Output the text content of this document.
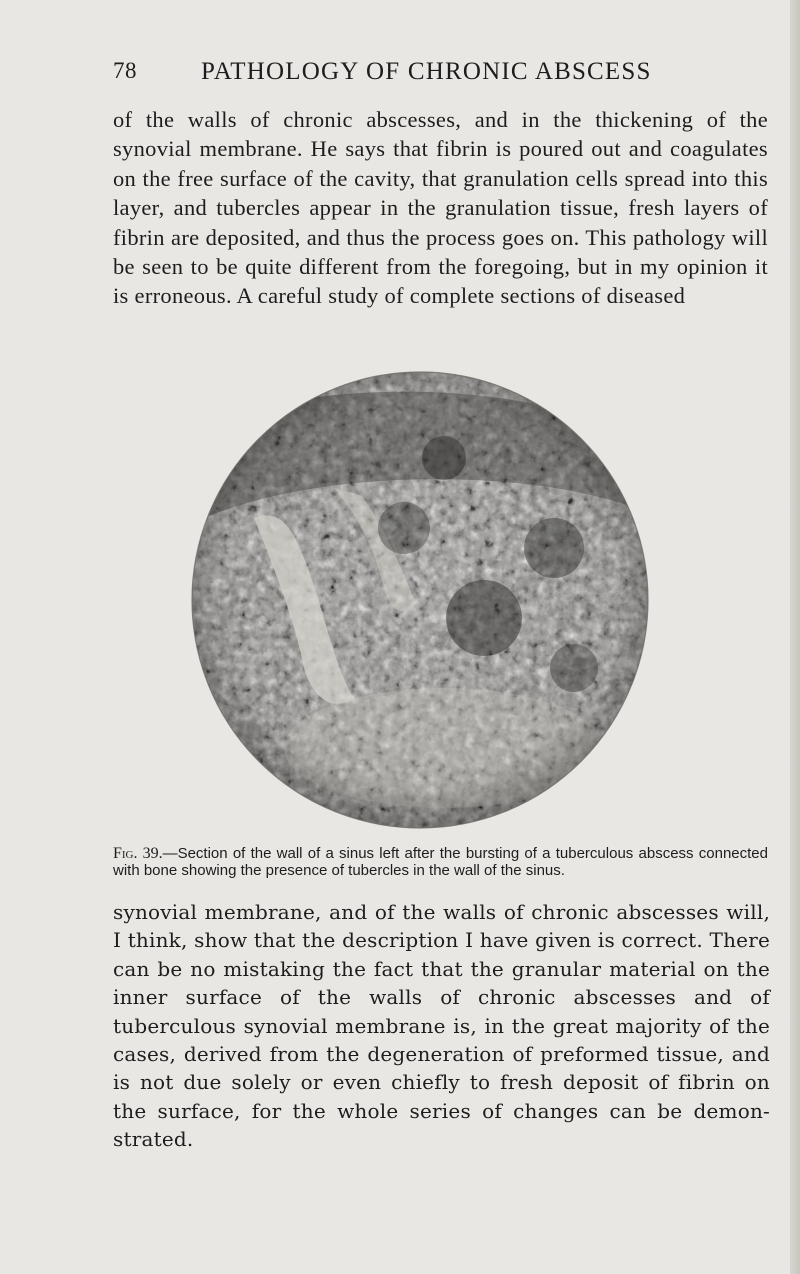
78	PATHOLOGY OF CHRONIC ABSCESS
of the walls of chronic abscesses, and in the thickening of the synovial membrane. He says that fibrin is poured out and coagulates on the free surface of the cavity, that granulation cells spread into this layer, and tubercles appear in the granulation tissue, fresh layers of fibrin are deposited, and thus the process goes on. This pathology will be seen to be quite different from the foregoing, but in my opinion it is erroneous. A careful study of complete sections of diseased
Fig. 39.—Section of the wall of a sinus left after the bursting of a tuberculous abscess connected with bone showing the presence of tubercles in the wall of the sinus.
synovial membrane, and of the walls of chronic abscesses will, I think, show that the description I have given is correct. There can be no mistaking the fact that the granular material on the inner surface of the walls of chronic abscesses and of tuberculous synovial membrane is, in the great majority of the cases, derived from the degeneration of preformed tissue, and is not due solely or even chiefly to fresh deposit of fibrin on the surface, for the whole series of changes can be demon-strated.
